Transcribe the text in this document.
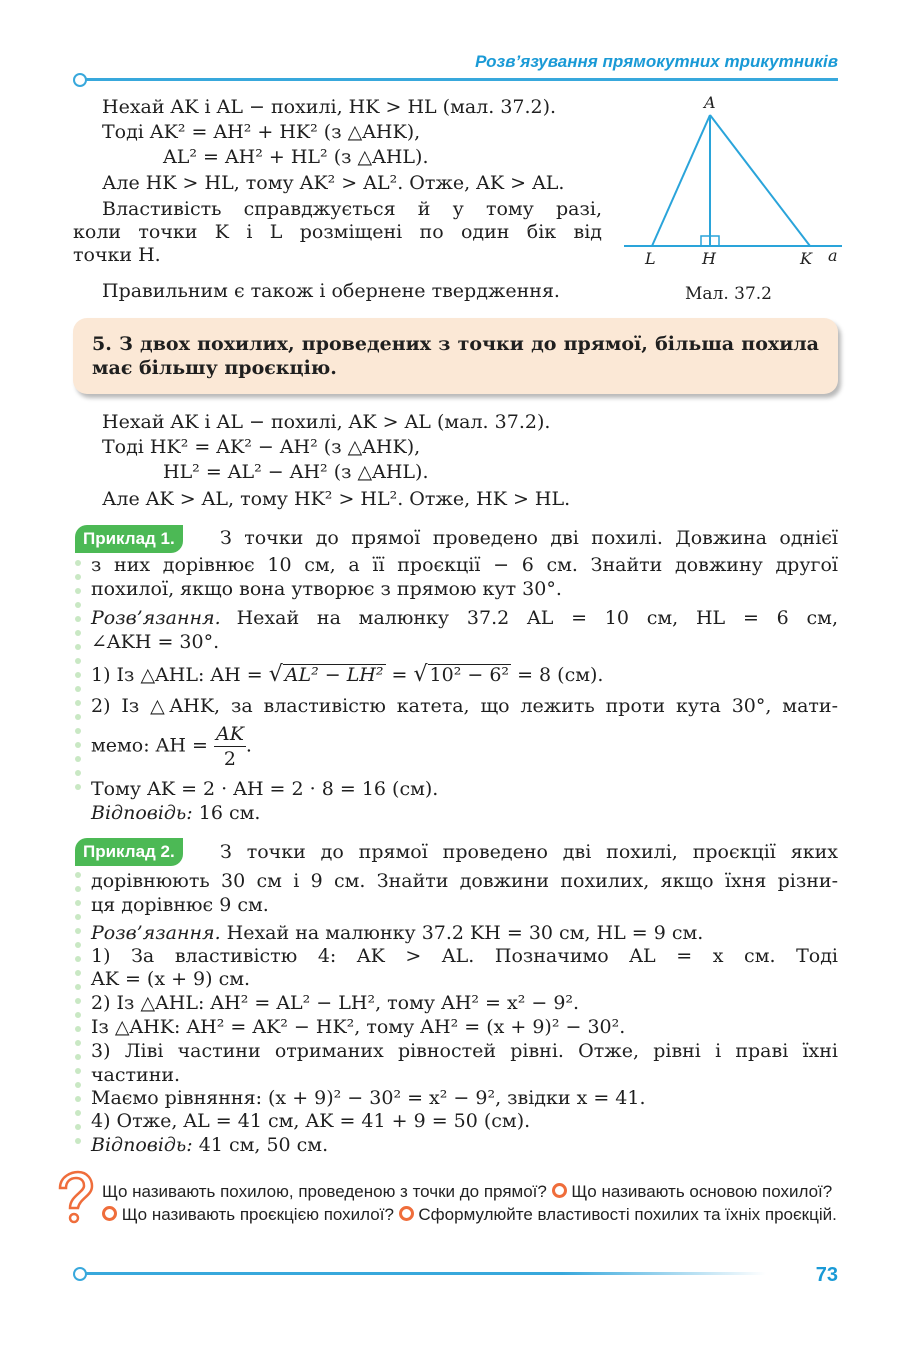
Розв’язування прямокутних трикутників
Нехай AK і AL − похилі, HK > HL (мал. 37.2).
Тоді AK² = AH² + HK² (з △AHK),
AL² = AH² + HL² (з △AHL).
Але HK > HL, тому AK² > AL². Отже, AK > AL.
Властивість справджується й у тому разі,
коли точки K і L розміщені по один бік від
точки H.
Правильним є також і обернене твердження.
A
L	H	K a
Мал. 37.2
5. З двох похилих, проведених з точки до прямої, більша похила має більшу проєкцію.
Нехай AK і AL − похилі, AK > AL (мал. 37.2).
Тоді HK² = AK² − AH² (з △AHK),
HL² = AL² − AH² (з △AHL).
Але AK > AL, тому HK² > HL². Отже, HK > HL.
Приклад 1.	З точки до прямої проведено дві похилі. Довжина однієї
з них дорівнює 10 см, а її проєкції − 6 см. Знайти довжину другої
похилої, якщо вона утворює з прямою кут 30°.
Розв’язання. Нехай на малюнку 37.2 AL = 10 см, HL = 6 см,
∠AKH = 30°.
1) Із △AHL: AH = √ AL² − LH² = √ 10² − 6² = 8 (см).
2) Із △AHK, за властивістю катета, що лежить проти кута 30°, мати-
мемо: AH = $\frac{AK}{2}$ .
Тому AK = 2 · AH = 2 · 8 = 16 (см).
Відповідь: 16 см.
Приклад 2.	З точки до прямої проведено дві похилі, проєкції яких
дорівнюють 30 см і 9 см. Знайти довжини похилих, якщо їхня різни-
ця дорівнює 9 см.
Розв’язання. Нехай на малюнку 37.2 KH = 30 см, HL = 9 см.
1) За властивістю 4: AK > AL. Позначимо AL = x см. Тоді
AK = (x + 9) см.
2) Із △AHL: AH² = AL² − LH², тому AH² = x² − 9².
Із △AHK: AH² = AK² − HK², тому AH² = (x + 9)² − 30².
3) Ліві частини отриманих рівностей рівні. Отже, рівні і праві їхні
частини.
Маємо рівняння: (x + 9)² − 30² = x² − 9², звідки x = 41.
4) Отже, AL = 41 см, AK = 41 + 9 = 50 (см).
Відповідь: 41 см, 50 см.
Що називають похилою, проведеною з точки до прямої? Що називають основою похилої?  Що називають проєкцією похилої? Сформулюйте властивості похилих та їхніх проєкцій.
73
